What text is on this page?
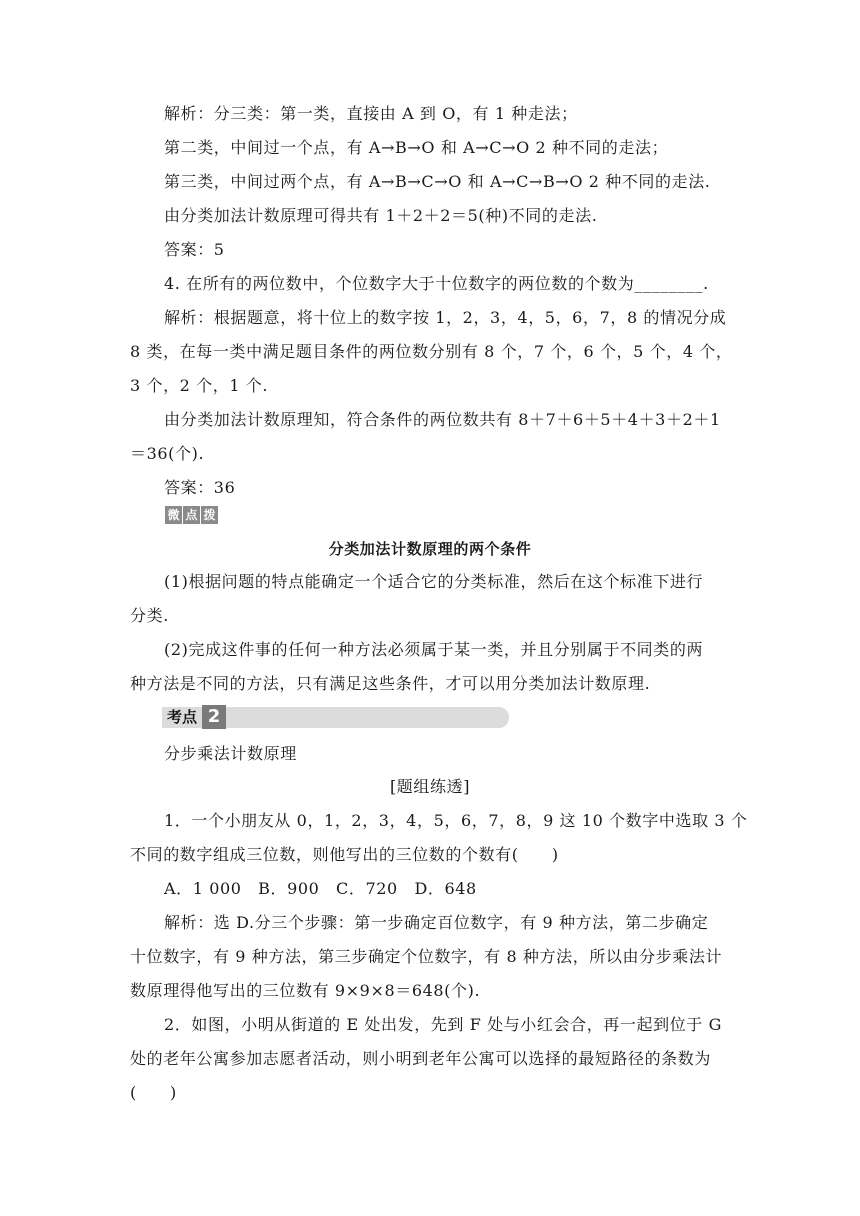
解析：分三类：第一类，直接由 A 到 O，有 1 种走法；
第二类，中间过一个点，有 A→B→O 和 A→C→O 2 种不同的走法；
第三类，中间过两个点，有 A→B→C→O 和 A→C→B→O 2 种不同的走法.
由分类加法计数原理可得共有 1＋2＋2＝5(种)不同的走法.
答案：5
4. 在所有的两位数中，个位数字大于十位数字的两位数的个数为________.
解析：根据题意，将十位上的数字按 1，2，3，4，5，6，7，8 的情况分成
8 类，在每一类中满足题目条件的两位数分别有 8 个，7 个，6 个，5 个，4 个，
3 个，2 个，1 个.
由分类加法计数原理知，符合条件的两位数共有 8＋7＋6＋5＋4＋3＋2＋1
＝36(个).
答案：36
微 点 拨
分类加法计数原理的两个条件
(1)根据问题的特点能确定一个适合它的分类标准，然后在这个标准下进行
分类.
(2)完成这件事的任何一种方法必须属于某一类，并且分别属于不同类的两
种方法是不同的方法，只有满足这些条件，才可以用分类加法计数原理.
考点 2
分步乘法计数原理
[题组练透]
1．一个小朋友从 0，1，2，3，4，5，6，7，8，9 这 10 个数字中选取 3 个
不同的数字组成三位数，则他写出的三位数的个数有(　　)
A．1 000　B．900　C．720　D．648
解析：选 D.分三个步骤：第一步确定百位数字，有 9 种方法，第二步确定
十位数字，有 9 种方法，第三步确定个位数字，有 8 种方法，所以由分步乘法计
数原理得他写出的三位数有 9×9×8＝648(个).
2．如图，小明从街道的 E 处出发，先到 F 处与小红会合，再一起到位于 G
处的老年公寓参加志愿者活动，则小明到老年公寓可以选择的最短路径的条数为
(　　)
